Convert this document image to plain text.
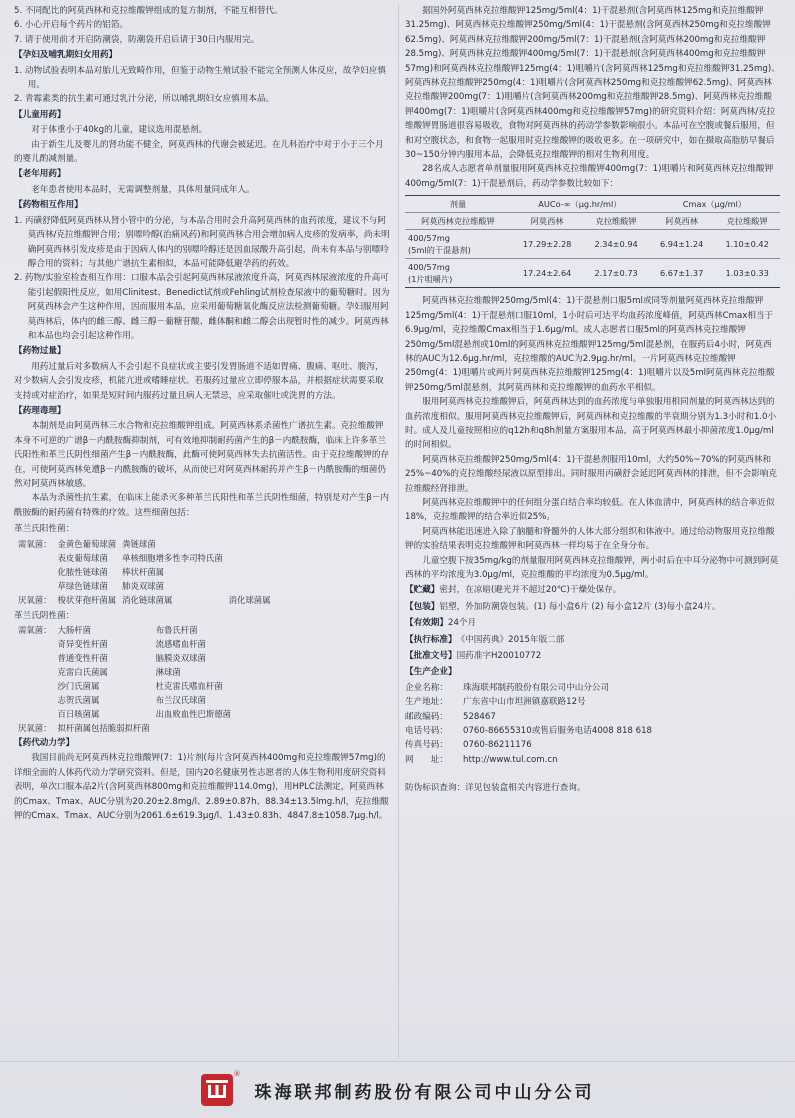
5. 不同配比的阿莫西林和克拉维酸钾组成的复方制剂，不能互相替代。

6. 小心开启每个药片的铝箔。

7. 请于使用前才开启防潮袋，防潮袋开启后请于30日内服用完。

【孕妇及哺乳期妇女用药】

1. 动物试验表明本品对胎儿无致畸作用，但鉴于动物生殖试验不能完全预测人体反应，故孕妇应慎用。

2. 青霉素类的抗生素可通过乳汁分泌，所以哺乳期妇女应慎用本品。

【儿童用药】

对于体重小于40kg的儿童，建议选用混悬剂。

由于新生儿及婴儿的肾功能不健全，阿莫西林的代谢会被延迟。在儿科治疗中对于小于三个月的婴儿酌减剂量。

【老年用药】

老年患者使用本品时，无需调整剂量，具体用量同成年人。

【药物相互作用】

1. 丙磺舒降低阿莫西林从肾小管中的分泌，与本品合用时会升高阿莫西林的血药浓度，建议不与阿莫西林/克拉维酸钾合用；别嘌呤醇(治痛风药)和阿莫西林合用会增加病人皮疹的发病率，尚未明确阿莫西林引发皮疹是由于因病人体内的别嘌呤醇还是因血尿酸升高引起，尚未有本品与别嘌呤醇合用的资料；与其他广谱抗生素相似，本品可能降低避孕药的药效。

2. 药物/实验室检查相互作用：口服本品会引起阿莫西林尿液浓度升高，阿莫西林尿液浓度的升高可能引起假阳性反应，如用Clinitest、Benedict试剂或Fehling试剂检查尿液中的葡萄糖时。因为阿莫西林会产生这种作用，因而服用本品，应采用葡萄糖氧化酶反应法检测葡萄糖。孕妇服用阿莫西林后，体内的雌三醇、雌三醇－葡糖苷酸、雌体酮和雌二醇会出现暂时性的减少。阿莫西林和本品也均会引起这种作用。

【药物过量】

用药过量后对多数病人不会引起不良症状或主要引发胃肠道不适如胃痛、腹痛、呕吐、腹泻，对少数病人会引发皮疹，机能亢进或嗜睡症状。若服药过量应立即停服本品，并根据症状需要采取支持或对症治疗，如果是短时间内服药过量且病人无禁忌，应采取催吐或洗胃的方法。

【药理毒理】

本制剂是由阿莫西林三水合物和克拉维酸钾组成。阿莫西林系杀菌性广谱抗生素。克拉维酸钾本身不可逆的广谱β－内酰胺酶抑制剂，可有效地抑制耐药菌产生的β－内酰胺酶，临床上许多革兰氏阳性和革兰氏阴性细菌产生β－内酰胺酶，此酶可使阿莫西林失去抗菌活性。由于克拉维酸钾的存在，可使阿莫西林免遭β－内酰胺酶的破坏，从而使已对阿莫西林耐药并产生β－内酰胺酶的细菌仍然对阿莫西林敏感。

本品为杀菌性抗生素，在临床上能杀灭多种革兰氏阳性和革兰氏阴性细菌，特别是对产生β－内酰胺酶的耐药菌有特殊的疗效。这些细菌包括：

革兰氏阳性菌：
需氧菌：	金黄色葡萄球菌	粪链球菌	
	表皮葡萄球菌	单核细胞增多性李司特氏菌	
	化脓性链球菌	棒状杆菌属	
	草绿色链球菌	肺炎双球菌	
厌氧菌：	梭状芽孢杆菌属	消化链球菌属	消化球菌属
革兰氏阴性菌：
需氧菌：	大肠杆菌	布鲁氏杆菌
	奇异变性杆菌	流感嗜血杆菌
	普通变性杆菌	脑膜炎双球菌
	克雷白氏菌属	淋球菌
	沙门氏菌属	杜克雷氏嗜血杆菌
	志贺氏菌属	布兰汉氏球菌
	百日咳菌属	出血败血性巴斯德菌
厌氧菌：	拟杆菌属包括脆弱拟杆菌	
【药代动力学】

我国目前尚无阿莫西林克拉维酸钾(7：1)片剂(每片含阿莫西林400mg和克拉维酸钾57mg)的详细全面的人体药代动力学研究资料。但是，国内20名健康男性志愿者的人体生物利用度研究资料表明，单次口服本品2片(含阿莫西林800mg和克拉维酸钾114.0mg)，用HPLC法测定，阿莫西林的Cmax、Tmax、AUC分别为20.20±2.8mg/l、2.89±0.87h、88.34±13.5lmg.h/l，克拉维酸钾的Cmax、Tmax、AUC分别为2061.6±619.3μg/l、1.43±0.83h、4847.8±1058.7μg.h/l。

据国外阿莫西林克拉维酸钾125mg/5ml(4：1)干混悬剂(含阿莫西林125mg和克拉维酸钾31.25mg)、阿莫西林克拉维酸钾250mg/5ml(4：1)干混悬剂(含阿莫西林250mg和克拉维酸钾62.5mg)、阿莫西林克拉维酸钾200mg/5ml(7：1)干混悬剂(含阿莫西林200mg和克拉维酸钾28.5mg)、阿莫西林克拉维酸钾400mg/5ml(7：1)干混悬剂(含阿莫西林400mg和克拉维酸钾57mg)和阿莫西林克拉维酸钾125mg(4：1)咀嚼片(含阿莫西林125mg和克拉维酸钾31.25mg)、阿莫西林克拉维酸钾250mg(4：1)咀嚼片(含阿莫西林250mg和克拉维酸钾62.5mg)、阿莫西林克拉维酸钾200mg(7：1)咀嚼片(含阿莫西林200mg和克拉维酸钾28.5mg)、阿莫西林克拉维酸钾400mg(7：1)咀嚼片(含阿莫西林400mg和克拉维酸钾57mg)的研究资料介绍：阿莫西林/克拉维酸钾胃肠道很容易吸收，食物对阿莫西林的药动学参数影响很小。本品可在空腹或餐后服用，但和对空腹状态，和食物一起服用时克拉维酸钾的吸收更多。在一项研究中，如在摄取高脂肪早餐后30~150分钟内服用本品，会降低克拉维酸钾的相对生物利用度。

28名成人志愿者单剂量服用阿莫西林克拉维酸钾400mg(7：1)咀嚼片和阿莫西林克拉维酸钾400mg/5ml(7：1)干混悬剂后，药动学参数比较如下：

剂量	AUCo-∞（μg.hr/ml）		Cmax（μg/ml）	
阿莫西林克拉维酸钾	阿莫西林	克拉维酸钾	阿莫西林	克拉维酸钾

400/57mg
(5ml的干混悬剂)	17.29±2.28	2.34±0.94	6.94±1.24	1.10±0.42

400/57mg
(1片咀嚼片)	17.24±2.64	2.17±0.73	6.67±1.37	1.03±0.33

阿莫西林克拉维酸钾250mg/5ml(4：1)干混悬剂口服5ml或同等剂量阿莫西林克拉维酸钾125mg/5ml(4：1)干混悬剂口服10ml，1小时后可达平均血药浓度峰值，阿莫西林Cmax相当于6.9μg/ml，克拉维酸Cmax相当于1.6μg/ml。成人志愿者口服5ml的阿莫西林克拉维酸钾250mg/5ml混悬剂或10ml的阿莫西林克拉维酸钾125mg/5ml混悬剂，在服药后4小时，阿莫西林的AUC为12.6μg.hr/ml，克拉维酸的AUC为2.9μg.hr/ml。一片阿莫西林克拉维酸钾250mg(4：1)咀嚼片或两片阿莫西林克拉维酸钾125mg(4：1)咀嚼片以及5ml阿莫西林克拉维酸钾250mg/5ml混悬剂，其阿莫西林和克拉维酸钾的血药水平相似。

服用阿莫西林克拉维酸钾后，阿莫西林达到的血药浓度与单独服用相同剂量的阿莫西林达到的血药浓度相似。服用阿莫西林克拉维酸钾后，阿莫西林和克拉维酸的半衰期分别为1.3小时和1.0小时。成人及儿童按照相应的q12h和q8h剂量方案服用本品，高于阿莫西林最小抑菌浓度1.0μg/ml的时间相似。

阿莫西林克拉维酸钾250mg/5ml(4：1)干混悬剂服用10ml，大约50%~70%的阿莫西林和25%~40%的克拉维酸经尿液以原型排出。同时服用丙磺舒会延迟阿莫西林的排泄，但不会影响克拉维酸经肾排泄。

阿莫西林克拉维酸钾中的任何组分蛋白结合率均较低。在人体血清中，阿莫西林的结合率近似18%，克拉维酸钾的结合率近似25%。

阿莫西林能迅速进入除了脑髓和脊髓外的人体大部分组织和体液中。通过给动物服用克拉维酸钾的实验结果表明克拉维酸钾和阿莫西林一样均易于在全身分布。

儿童空腹下按35mg/kg的剂量服用阿莫西林克拉维酸钾，两小时后在中耳分泌物中可测到阿莫西林的平均浓度为3.0μg/ml，克拉维酸的平均浓度为0.5μg/ml。

【贮藏】密封，在凉暗(避光并不超过20℃)干燥处保存。

【包装】铝塑，外加防潮袋包装。(1) 每小盒6片 (2) 每小盒12片 (3)每小盒24片。

【有效期】24个月

【执行标准】《中国药典》2015年版二部

【批准文号】国药准字H20010772

【生产企业】
企业名称：	珠海联邦制药股份有限公司中山分公司
生产地址：	广东省中山市坦洲镇嘉联路12号
邮政编码：	528467
电话号码：	0760-86655310或售后服务电话4008 818 618
传真号码：	0760-86211176
网　　址：	http://www.tul.com.cn

防伪标识查询：详见包装盒相关内容进行查询。

®
珠海联邦制药股份有限公司中山分公司
